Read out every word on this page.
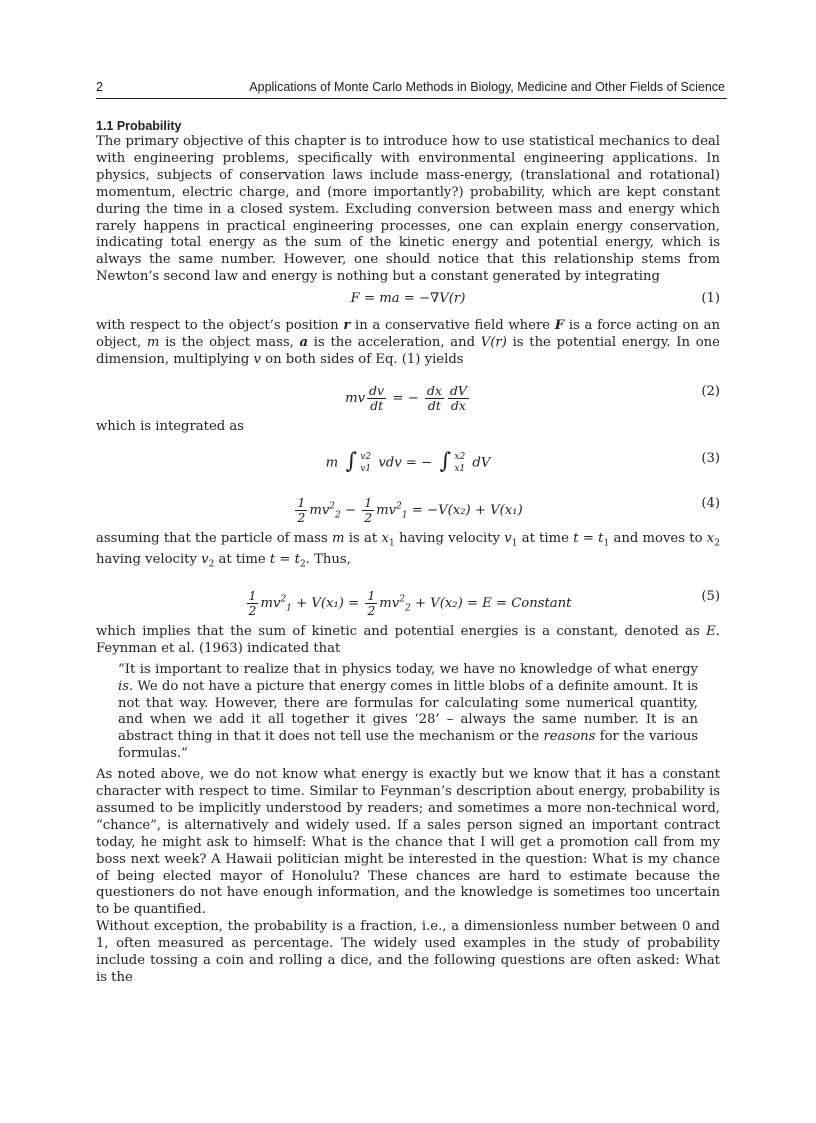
2	Applications of Monte Carlo Methods in Biology, Medicine and Other Fields of Science
1.1 Probability

The primary objective of this chapter is to introduce how to use statistical mechanics to deal with engineering problems, specifically with environmental engineering applications. In physics, subjects of conservation laws include mass-energy, (translational and rotational) momentum, electric charge, and (more importantly?) probability, which are kept constant during the time in a closed system. Excluding conversion between mass and energy which rarely happens in practical engineering processes, one can explain energy conservation, indicating total energy as the sum of the kinetic energy and potential energy, which is always the same number. However, one should notice that this relationship stems from Newton’s second law and energy is nothing but a constant generated by integrating

F = ma = −∇V(r)	(1)

with respect to the object’s position r in a conservative field where F is a force acting on an object, m is the object mass, a is the acceleration, and V(r) is the potential energy. In one dimension, multiplying v on both sides of Eq. (1) yields

mv $\frac{dv}{dt}$ = − $\frac{dx}{dt} \frac{dV}{dx}$	(2)

which is integrated as

m ∫ v2
v1 vdv = − ∫ x2
x1 dV	(3)
$\frac{1}{2} mv^2_2 - \frac{1}{2} mv^2_1 = -V(x_2) + V(x_1)$	(4)

assuming that the particle of mass m is at $x_1$ having velocity $v_1$ at time $t = t_1$ and moves to $x_2$ having velocity $v_2$ at time $t = t_2$. Thus,

$\frac{1}{2} mv^2_1 + V(x_1) = \frac{1}{2} mv^2_2 + V(x_2) = E$ = Constant	(5)

which implies that the sum of kinetic and potential energies is a constant, denoted as E. Feynman et al. (1963) indicated that

“It is important to realize that in physics today, we have no knowledge of what energy is. We do not have a picture that energy comes in little blobs of a definite amount. It is not that way. However, there are formulas for calculating some numerical quantity, and when we add it all together it gives ‘28’ – always the same number. It is an abstract thing in that it does not tell use the mechanism or the reasons for the various formulas.”

As noted above, we do not know what energy is exactly but we know that it has a constant character with respect to time. Similar to Feynman’s description about energy, probability is assumed to be implicitly understood by readers; and sometimes a more non-technical word, “chance”, is alternatively and widely used. If a sales person signed an important contract today, he might ask to himself: What is the chance that I will get a promotion call from my boss next week? A Hawaii politician might be interested in the question: What is my chance of being elected mayor of Honolulu? These chances are hard to estimate because the questioners do not have enough information, and the knowledge is sometimes too uncertain to be quantified.

Without exception, the probability is a fraction, i.e., a dimensionless number between 0 and 1, often measured as percentage. The widely used examples in the study of probability include tossing a coin and rolling a dice, and the following questions are often asked: What is the
